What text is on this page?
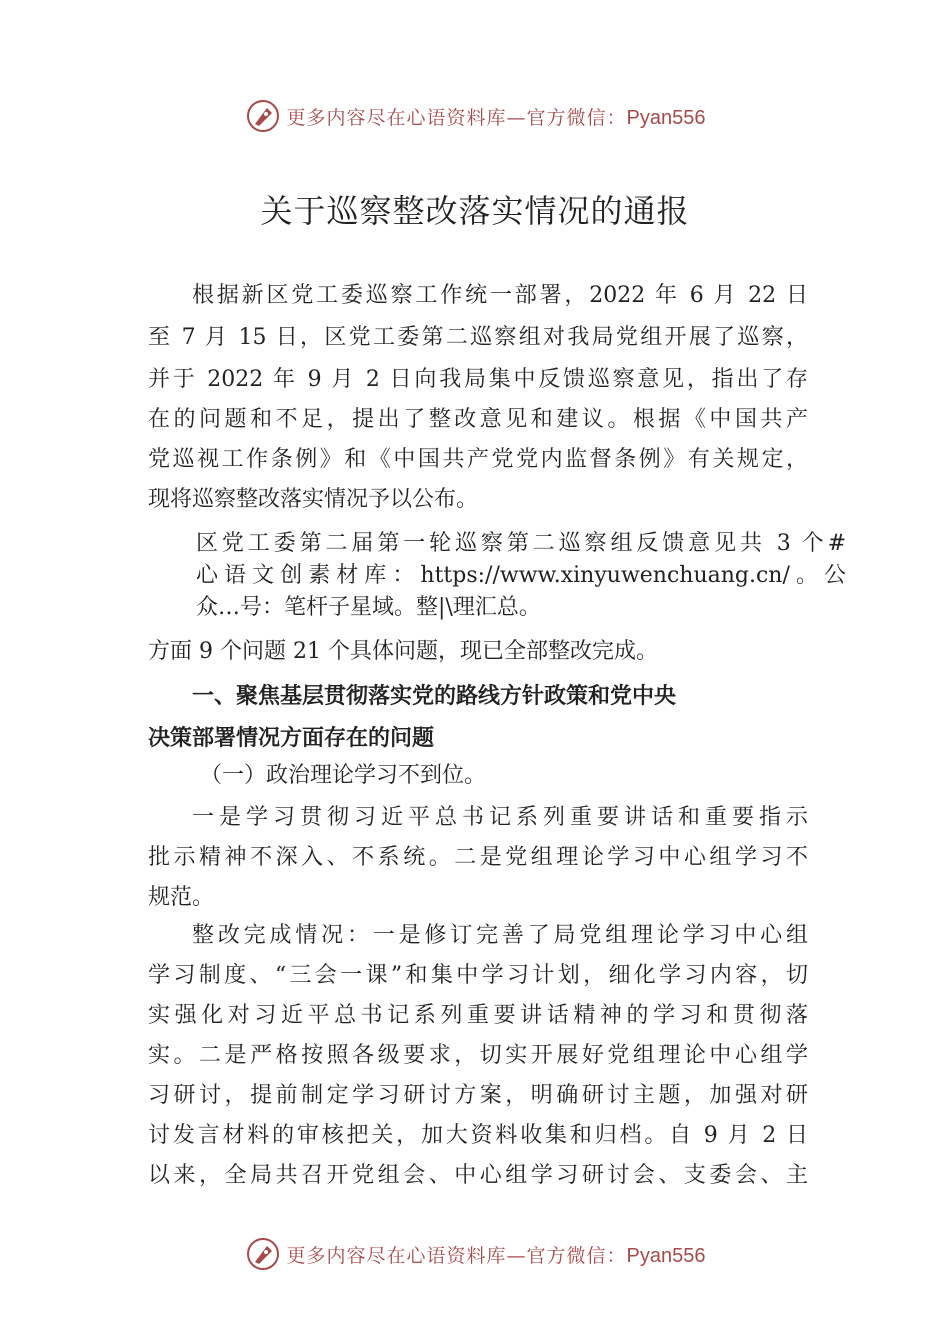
更多内容尽在心语资料库—官方微信：Pyan556
关于巡察整改落实情况的通报
根据新区党工委巡察工作统一部署，2022 年 6 月 22 日
至 7 月 15 日，区党工委第二巡察组对我局党组开展了巡察，
并于 2022 年 9 月 2 日向我局集中反馈巡察意见，指出了存
在的问题和不足，提出了整改意见和建议。根据《中国共产
党巡视工作条例》和《中国共产党党内监督条例》有关规定，
现将巡察整改落实情况予以公布。
区党工委第二届第一轮巡察第二巡察组反馈意见共 3 个#
心语文创素材库：https://www.xinyuwenchuang.cn/。公
众…号：笔杆子星域。整|\理汇总。
方面 9 个问题 21 个具体问题，现已全部整改完成。
一、聚焦基层贯彻落实党的路线方针政策和党中央
决策部署情况方面存在的问题
（一）政治理论学习不到位。
一是学习贯彻习近平总书记系列重要讲话和重要指示
批示精神不深入、不系统。二是党组理论学习中心组学习不
规范。
整改完成情况：一是修订完善了局党组理论学习中心组
学习制度、“三会一课”和集中学习计划，细化学习内容，切
实强化对习近平总书记系列重要讲话精神的学习和贯彻落
实。二是严格按照各级要求，切实开展好党组理论中心组学
习研讨，提前制定学习研讨方案，明确研讨主题，加强对研
讨发言材料的审核把关，加大资料收集和归档。自 9 月 2 日
以来，全局共召开党组会、中心组学习研讨会、支委会、主
更多内容尽在心语资料库—官方微信：Pyan556
